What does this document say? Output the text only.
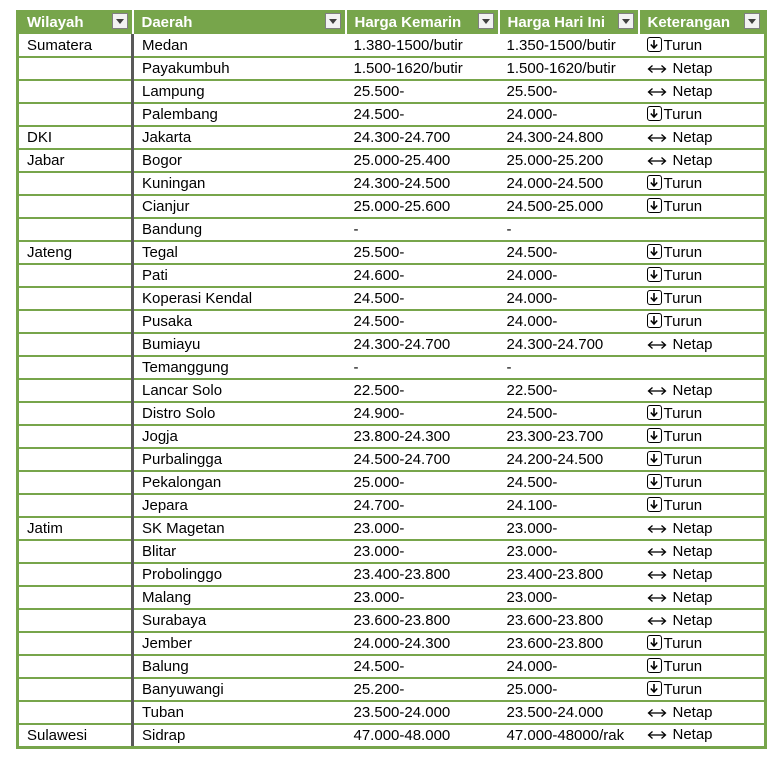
Wilayah	Daerah	Harga Kemarin	Harga Hari Ini	Keterangan

Sumatera	Medan	1.380-1500/butir	1.350-1500/butir	Turun
	Payakumbuh	1.500-1620/butir	1.500-1620/butir	Netap
	Lampung	25.500-	25.500-	Netap
	Palembang	24.500-	24.000-	Turun
DKI	Jakarta	24.300-24.700	24.300-24.800	Netap
Jabar	Bogor	25.000-25.400	25.000-25.200	Netap
	Kuningan	24.300-24.500	24.000-24.500	Turun
	Cianjur	25.000-25.600	24.500-25.000	Turun
	Bandung	-	-	
Jateng	Tegal	25.500-	24.500-	Turun
	Pati	24.600-	24.000-	Turun
	Koperasi Kendal	24.500-	24.000-	Turun
	Pusaka	24.500-	24.000-	Turun
	Bumiayu	24.300-24.700	24.300-24.700	Netap
	Temanggung	-	-	
	Lancar Solo	22.500-	22.500-	Netap
	Distro Solo	24.900-	24.500-	Turun
	Jogja	23.800-24.300	23.300-23.700	Turun
	Purbalingga	24.500-24.700	24.200-24.500	Turun
	Pekalongan	25.000-	24.500-	Turun
	Jepara	24.700-	24.100-	Turun
Jatim	SK Magetan	23.000-	23.000-	Netap
	Blitar	23.000-	23.000-	Netap
	Probolinggo	23.400-23.800	23.400-23.800	Netap
	Malang	23.000-	23.000-	Netap
	Surabaya	23.600-23.800	23.600-23.800	Netap
	Jember	24.000-24.300	23.600-23.800	Turun
	Balung	24.500-	24.000-	Turun
	Banyuwangi	25.200-	25.000-	Turun
	Tuban	23.500-24.000	23.500-24.000	Netap
Sulawesi	Sidrap	47.000-48.000	47.000-48000/rak	Netap
